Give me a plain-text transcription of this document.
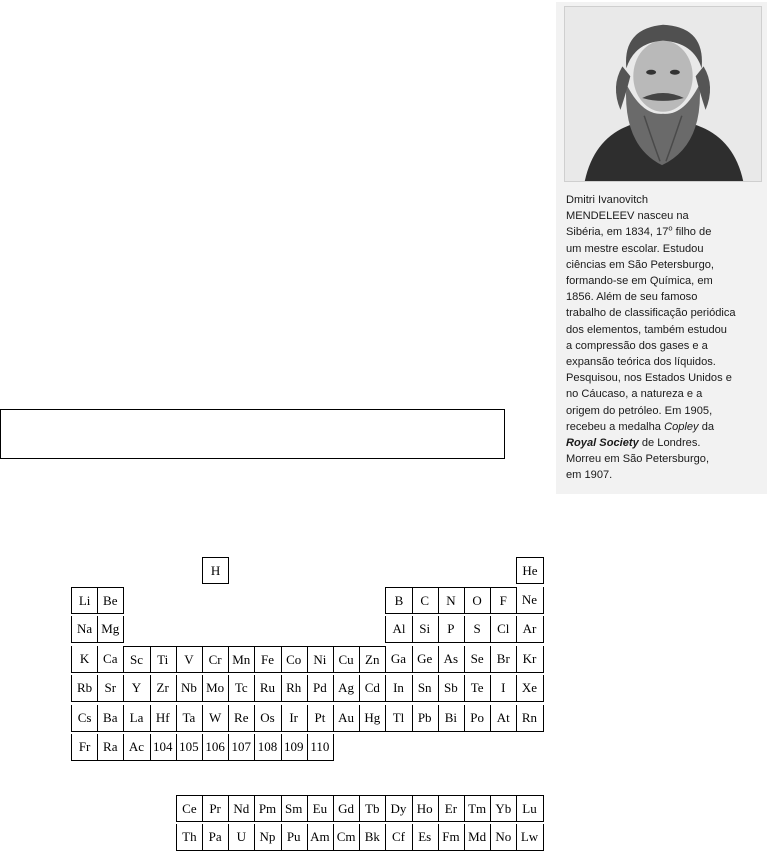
Dmitri Ivanovitch
MENDELEEV nasceu na
Sibéria, em 1834, 17$^o$ filho de
um mestre escolar. Estudou
ciências em São Petersburgo,
formando-se em Química, em
1856. Além de seu famoso
trabalho de classificação periódica
dos elementos, também estudou
a compressão dos gases e a
expansão teórica dos líquidos.
Pesquisou, nos Estados Unidos e
no Cáucaso, a natureza e a
origem do petróleo. Em 1905,
recebeu a medalha Copley da
Royal Society de Londres.
Morreu em São Petersburgo,
em 1907.

H	He
Li Be	B	C	N	O	F	Ne
Na Mg	Al	Si	P	S	Cl	Ar
K	Ca Sc	Ti	V	Cr Mn Fe Co Ni Cu Zn Ga Ge As Se	Br Kr
Rb Sr	Y	Zr Nb Mo Tc Ru Rh Pd Ag Cd	In	Sn Sb Te	I	Xe
Cs Ba La Hf Ta	W Re Os	Ir	Pt Au Hg Tl	Pb	Bi	Po At Rn
Fr Ra Ac 104 105 106 107 108 109 110
Ce Pr Nd Pm Sm Eu Gd Tb Dy Ho Er Tm Yb Lu
Th Pa	U	Np Pu Am Cm Bk Cf	Es Fm Md No Lw
